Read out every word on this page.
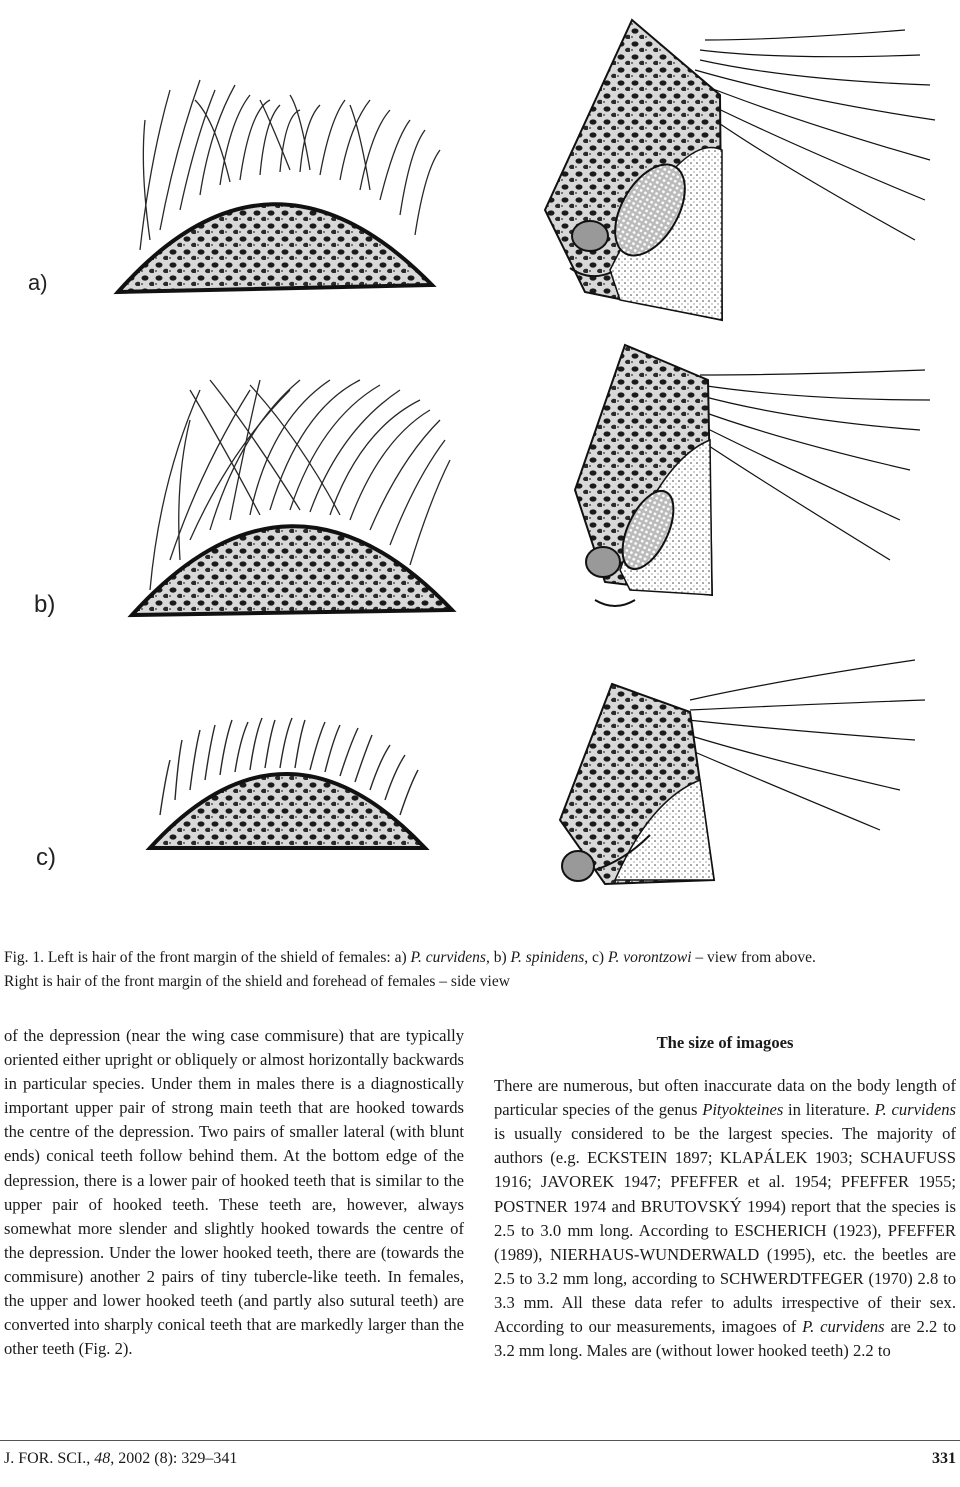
a)
b)
c)
Fig. 1. Left is hair of the front margin of the shield of females: a) P. curvidens, b) P. spinidens, c) P. vorontzowi – view from above.
Right is hair of the front margin of the shield and forehead of females – side view

of the depression (near the wing case commisure) that are typically oriented either upright or obliquely or almost horizontally backwards in particular species. Under them in males there is a diagnostically important upper pair of strong main teeth that are hooked towards the centre of the depression. Two pairs of smaller lateral (with blunt ends) conical teeth follow behind them. At the bottom edge of the depression, there is a lower pair of hooked teeth that is similar to the upper pair of hooked teeth. These teeth are, however, always somewhat more slender and slightly hooked towards the centre of the depression. Under the lower hooked teeth, there are (towards the commisure) another 2 pairs of tiny tubercle-like teeth. In females, the upper and lower hooked teeth (and partly also sutural teeth) are converted into sharply conical teeth that are markedly larger than the other teeth (Fig. 2).

The size of imagoes

There are numerous, but often inaccurate data on the body length of particular species of the genus Pityokteines in literature. P. curvidens is usually considered to be the largest species. The majority of authors (e.g. ECKSTEIN 1897; KLAPÁLEK 1903; SCHAUFUSS 1916; JAVOREK 1947; PFEFFER et al. 1954; PFEFFER 1955; POSTNER 1974 and BRUTOVSKÝ 1994) report that the species is 2.5 to 3.0 mm long. According to ESCHERICH (1923), PFEFFER (1989), NIERHAUS-WUNDERWALD (1995), etc. the beetles are 2.5 to 3.2 mm long, according to SCHWERDTFEGER (1970) 2.8 to 3.3 mm. All these data refer to adults irrespective of their sex. According to our measurements, imagoes of P. curvidens are 2.2 to 3.2 mm long. Males are (without lower hooked teeth) 2.2 to

J. FOR. SCI., 48, 2002 (8): 329–341	331
